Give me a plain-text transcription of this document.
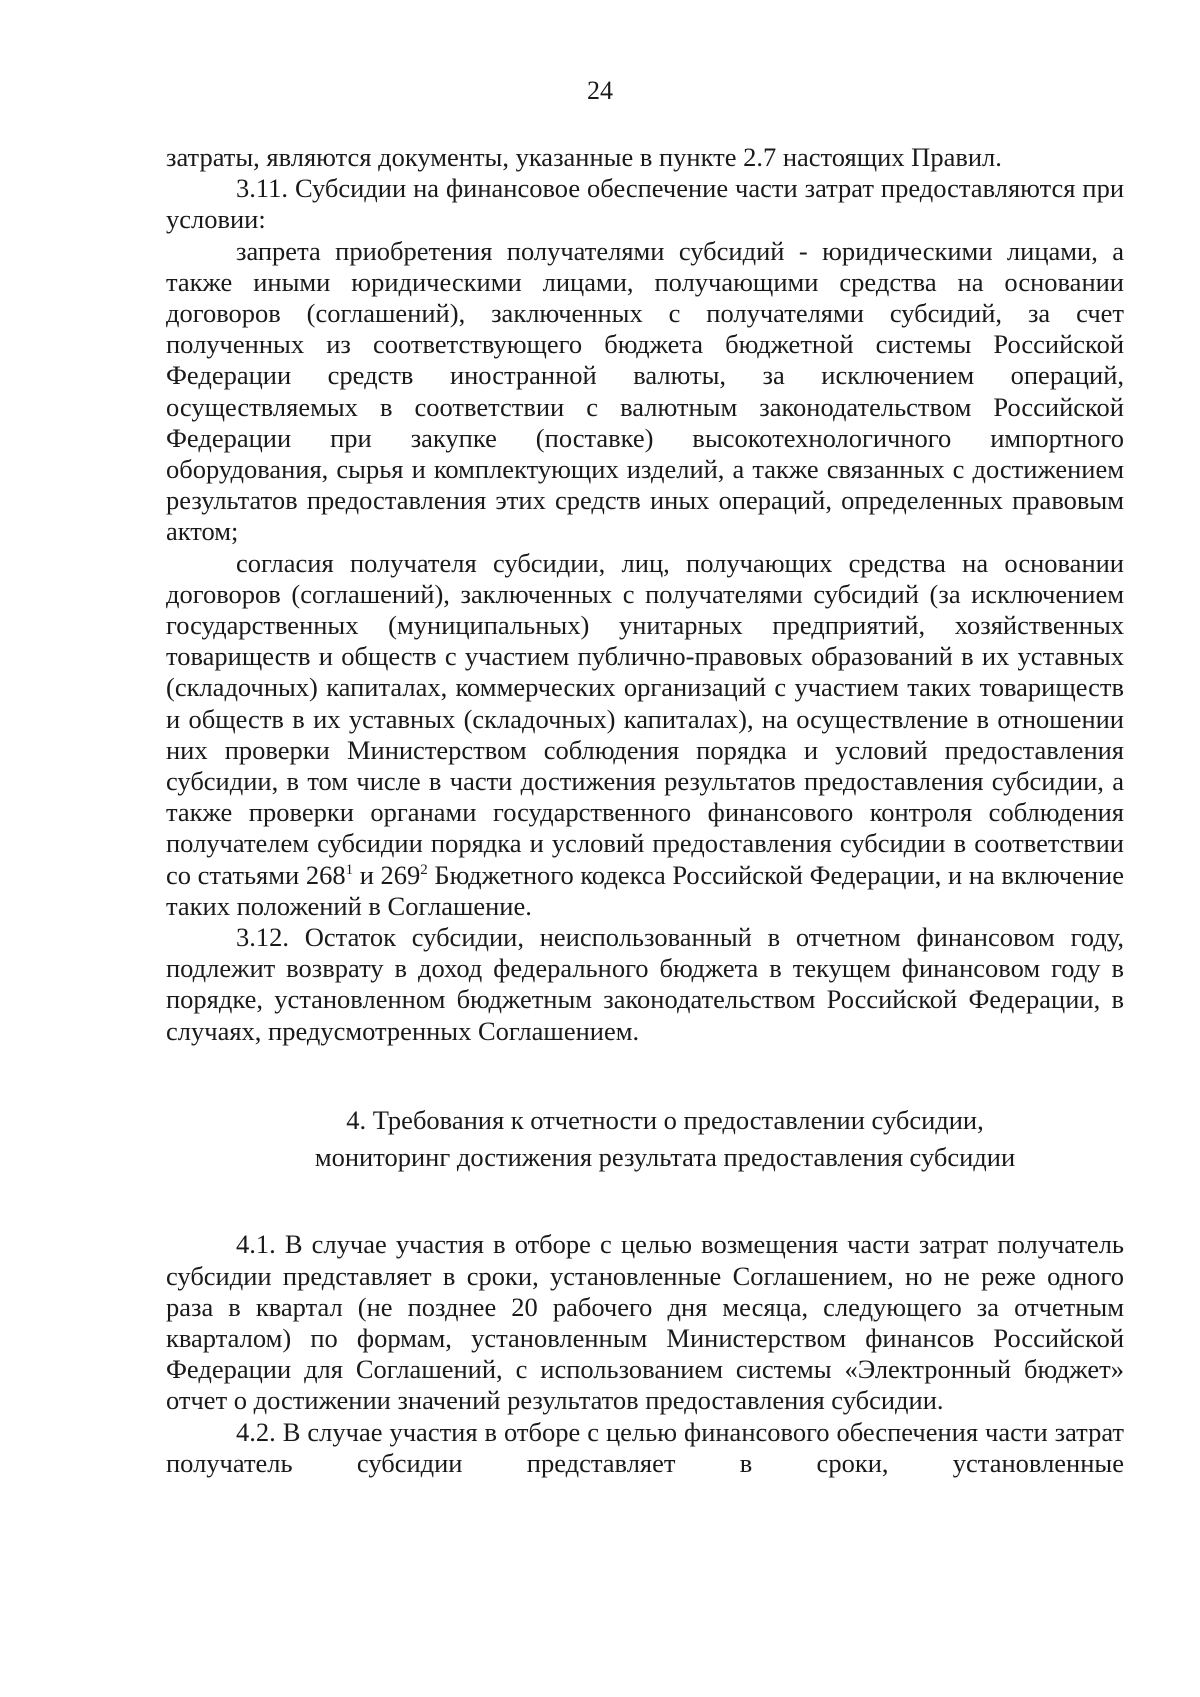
24

затраты, являются документы, указанные в пункте 2.7 настоящих Правил.

3.11. Субсидии на финансовое обеспечение части затрат предоставляются при условии:

запрета приобретения получателями субсидий - юридическими лицами, а также иными юридическими лицами, получающими средства на основании договоров (соглашений), заключенных с получателями субсидий, за счет полученных из соответствующего бюджета бюджетной системы Российской Федерации средств иностранной валюты, за исключением операций, осуществляемых в соответствии с валютным законодательством Российской Федерации при закупке (поставке) высокотехнологичного импортного оборудования, сырья и комплектующих изделий, а также связанных с достижением результатов предоставления этих средств иных операций, определенных правовым актом;

согласия получателя субсидии, лиц, получающих средства на основании договоров (соглашений), заключенных с получателями субсидий (за исключением государственных (муниципальных) унитарных предприятий, хозяйственных товариществ и обществ с участием публично-правовых образований в их уставных (складочных) капиталах, коммерческих организаций с участием таких товариществ и обществ в их уставных (складочных) капиталах), на осуществление в отношении них проверки Министерством соблюдения порядка и условий предоставления субсидии, в том числе в части достижения результатов предоставления субсидии, а также проверки органами государственного финансового контроля соблюдения получателем субсидии порядка и условий предоставления субсидии в соответствии со статьями $268^1$ и $269^2$ Бюджетного кодекса Российской Федерации, и на включение таких положений в Соглашение.

3.12. Остаток субсидии, неиспользованный в отчетном финансовом году, подлежит возврату в доход федерального бюджета в текущем финансовом году в порядке, установленном бюджетным законодательством Российской Федерации, в случаях, предусмотренных Соглашением.

4. Требования к отчетности о предоставлении субсидии,
мониторинг достижения результата предоставления субсидии

4.1. В случае участия в отборе с целью возмещения части затрат получатель субсидии представляет в сроки, установленные Соглашением, но не реже одного раза в квартал (не позднее 20 рабочего дня месяца, следующего за отчетным кварталом) по формам, установленным Министерством финансов Российской Федерации для Соглашений, с использованием системы «Электронный бюджет» отчет о достижении значений результатов предоставления субсидии.

4.2. В случае участия в отборе с целью финансового обеспечения части затрат получатель субсидии представляет в сроки, установленные
